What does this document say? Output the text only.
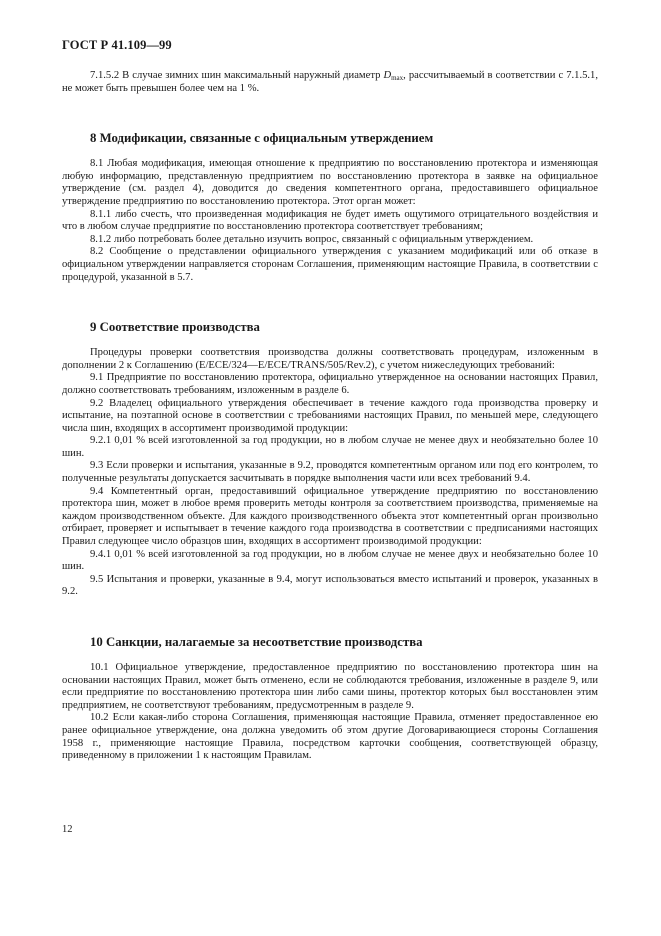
ГОСТ Р 41.109—99

7.1.5.2 В случае зимних шин максимальный наружный диаметр $D_{max}$, рассчитываемый в соответствии с 7.1.5.1, не может быть превышен более чем на 1 %.

8 Модификации, связанные с официальным утверждением

8.1 Любая модификация, имеющая отношение к предприятию по восстановлению протектора и изменяющая любую информацию, представленную предприятием по восстановлению протектора в заявке на официальное утверждение (см. раздел 4), доводится до сведения компетентного органа, предоставившего официальное утверждение предприятию по восстановлению протектора. Этот орган может:

8.1.1 либо счесть, что произведенная модификация не будет иметь ощутимого отрицательного воздействия и что в любом случае предприятие по восстановлению протектора соответствует требованиям;

8.1.2 либо потребовать более детально изучить вопрос, связанный с официальным утверждением.

8.2 Сообщение о представлении официального утверждения с указанием модификаций или об отказе в официальном утверждении направляется сторонам Соглашения, применяющим настоящие Правила, в соответствии с процедурой, указанной в 5.7.

9 Соответствие производства

Процедуры проверки соответствия производства должны соответствовать процедурам, изложенным в дополнении 2 к Соглашению (E/ECE/324—E/ECE/TRANS/505/Rev.2), с учетом нижеследующих требований:

9.1 Предприятие по восстановлению протектора, официально утвержденное на основании настоящих Правил, должно соответствовать требованиям, изложенным в разделе 6.

9.2 Владелец официального утверждения обеспечивает в течение каждого года производства проверку и испытание, на поэтапной основе в соответствии с требованиями настоящих Правил, по меньшей мере, следующего числа шин, входящих в ассортимент производимой продукции:

9.2.1 0,01 % всей изготовленной за год продукции, но в любом случае не менее двух и необязательно более 10 шин.

9.3 Если проверки и испытания, указанные в 9.2, проводятся компетентным органом или под его контролем, то полученные результаты допускается засчитывать в порядке выполнения части или всех требований 9.4.

9.4 Компетентный орган, предоставивший официальное утверждение предприятию по восстановлению протектора шин, может в любое время проверить методы контроля за соответствием производства, применяемые на каждом производственном объекте. Для каждого производственного объекта этот компетентный орган произвольно отбирает, проверяет и испытывает в течение каждого года производства в соответствии с предписаниями настоящих Правил следующее число образцов шин, входящих в ассортимент производимой продукции:

9.4.1 0,01 % всей изготовленной за год продукции, но в любом случае не менее двух и необязательно более 10 шин.

9.5 Испытания и проверки, указанные в 9.4, могут использоваться вместо испытаний и проверок, указанных в 9.2.

10 Санкции, налагаемые за несоответствие производства

10.1 Официальное утверждение, предоставленное предприятию по восстановлению протектора шин на основании настоящих Правил, может быть отменено, если не соблюдаются требования, изложенные в разделе 9, или если предприятие по восстановлению протектора шин либо сами шины, протектор которых был восстановлен этим предприятием, не соответствуют требованиям, предусмотренным в разделе 9.

10.2 Если какая-либо сторона Соглашения, применяющая настоящие Правила, отменяет предоставленное ею ранее официальное утверждение, она должна уведомить об этом другие Договаривающиеся стороны Соглашения 1958 г., применяющие настоящие Правила, посредством карточки сообщения, соответствующей образцу, приведенному в приложении 1 к настоящим Правилам.

12
